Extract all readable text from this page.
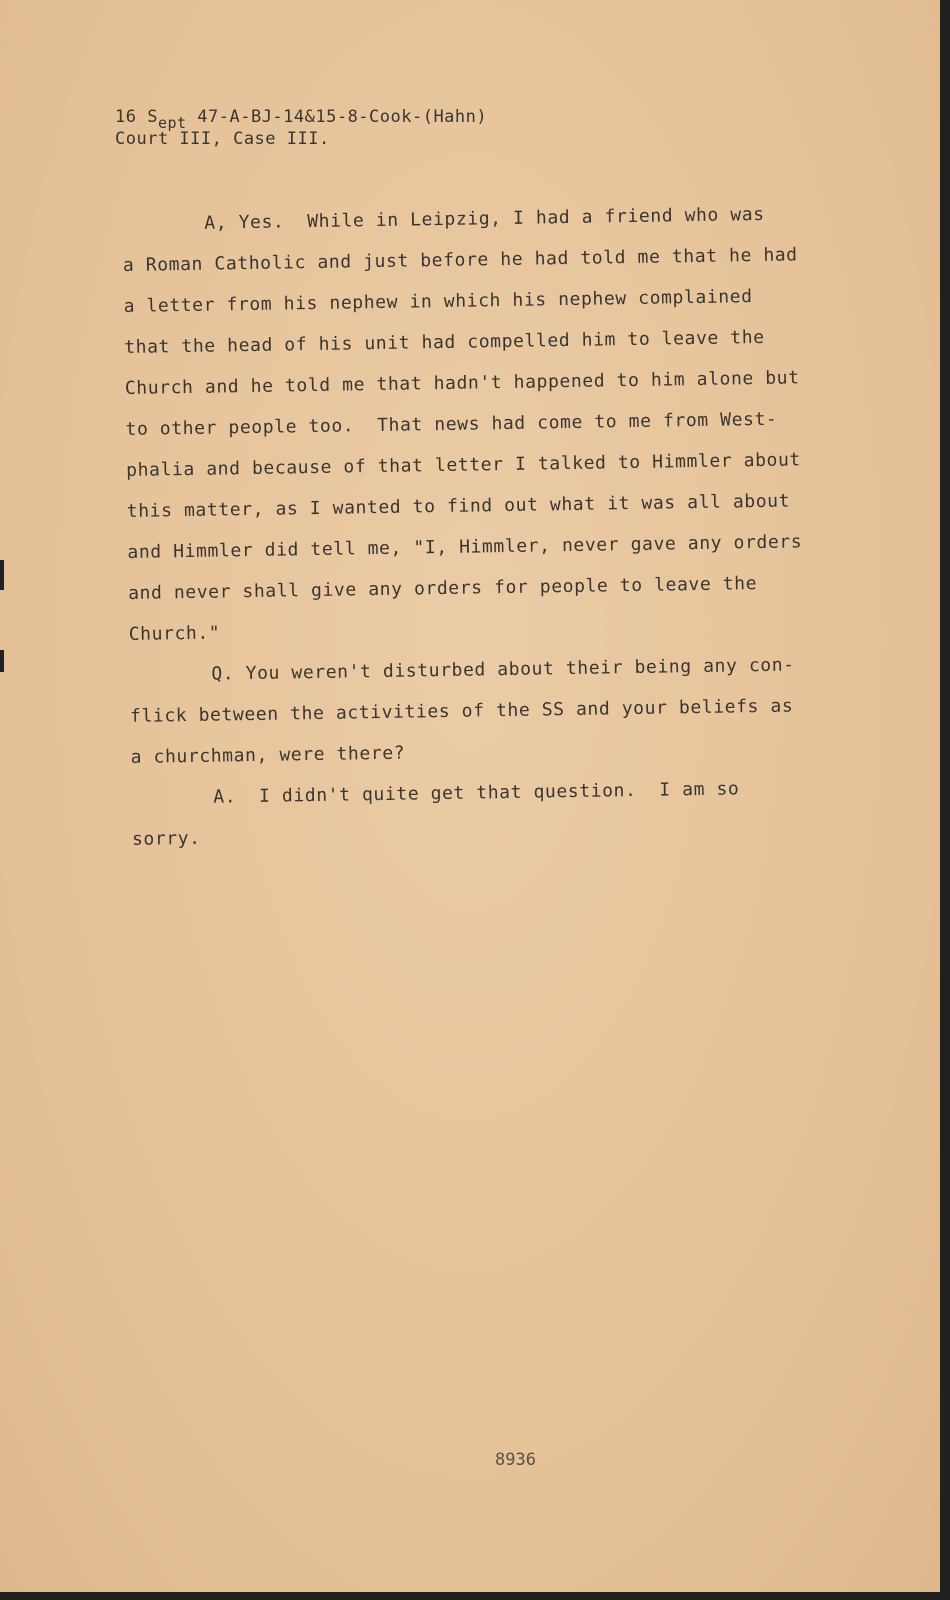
16 Sept 47-A-BJ-14&15-8-Cook-(Hahn)
Court III, Case III.

A, Yes.  While in Leipzig, I had a friend who was

a Roman Catholic and just before he had told me that he had

a letter from his nephew in which his nephew complained

that the head of his unit had compelled him to leave the

Church and he told me that hadn't happened to him alone but

to other people too.  That news had come to me from West-

phalia and because of that letter I talked to Himmler about

this matter, as I wanted to find out what it was all about

and Himmler did tell me, "I, Himmler, never gave any orders

and never shall give any orders for people to leave the

Church."

Q. You weren't disturbed about their being any con-

flick between the activities of the SS and your beliefs as

a churchman, were there?

A.  I didn't quite get that question.  I am so

sorry.

8936
